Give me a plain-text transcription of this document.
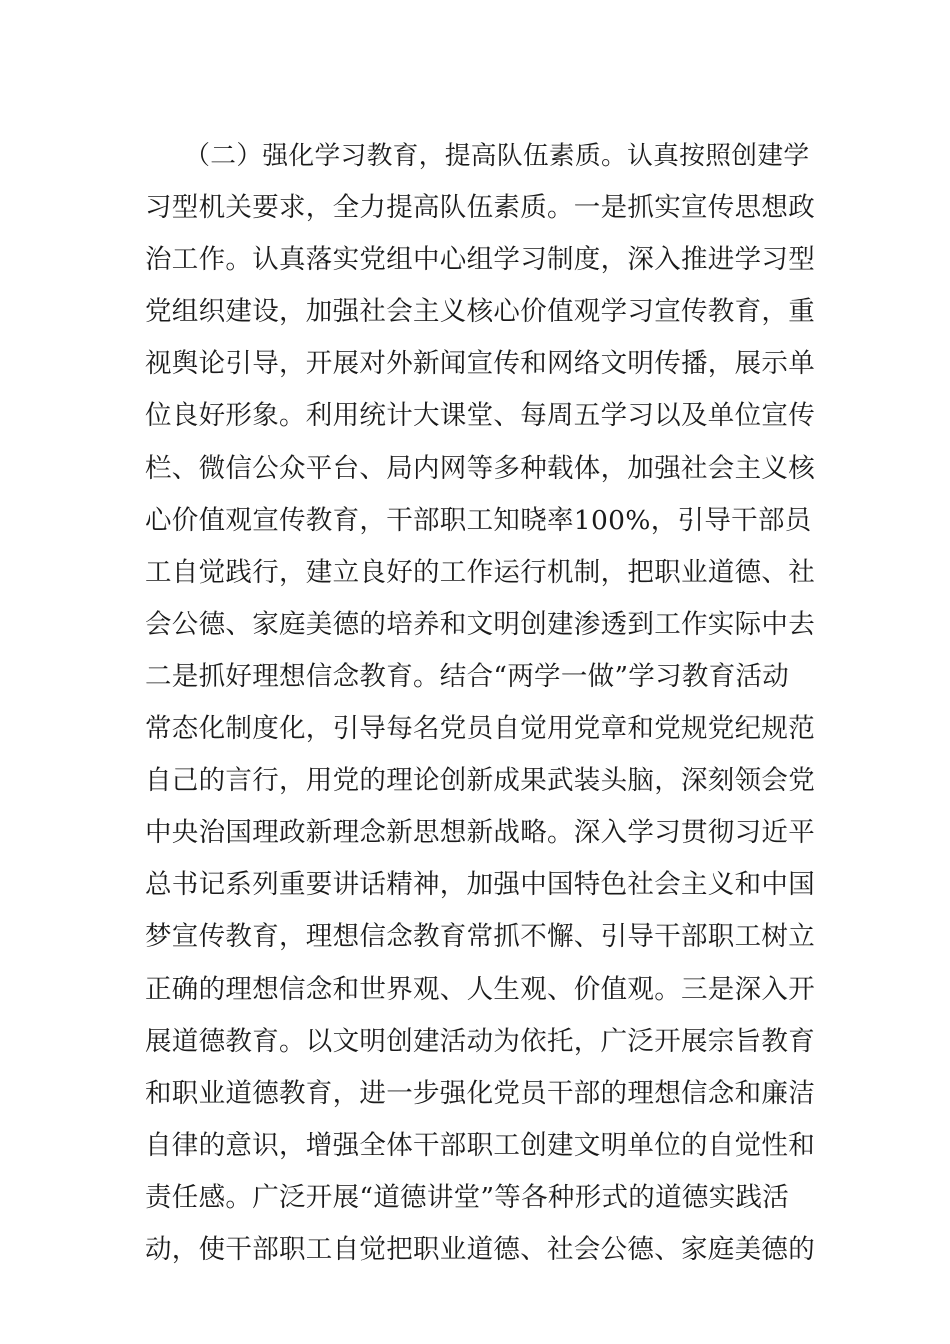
　　（二）强化学习教育，提高队伍素质。认真按照创建学
习型机关要求，全力提高队伍素质。一是抓实宣传思想政
治工作。认真落实党组中心组学习制度，深入推进学习型
党组织建设，加强社会主义核心价值观学习宣传教育，重
视舆论引导，开展对外新闻宣传和网络文明传播，展示单
位良好形象。利用统计大课堂、每周五学习以及单位宣传
栏、微信公众平台、局内网等多种载体，加强社会主义核
心价值观宣传教育，干部职工知晓率100%，引导干部员
工自觉践行，建立良好的工作运行机制，把职业道德、社
会公德、家庭美德的培养和文明创建渗透到工作实际中去
二是抓好理想信念教育。结合“两学一做”学习教育活动
常态化制度化，引导每名党员自觉用党章和党规党纪规范
自己的言行，用党的理论创新成果武装头脑，深刻领会党
中央治国理政新理念新思想新战略。深入学习贯彻习近平
总书记系列重要讲话精神，加强中国特色社会主义和中国
梦宣传教育，理想信念教育常抓不懈、引导干部职工树立
正确的理想信念和世界观、人生观、价值观。三是深入开
展道德教育。以文明创建活动为依托，广泛开展宗旨教育
和职业道德教育，进一步强化党员干部的理想信念和廉洁
自律的意识，增强全体干部职工创建文明单位的自觉性和
责任感。广泛开展“道德讲堂”等各种形式的道德实践活
动，使干部职工自觉把职业道德、社会公德、家庭美德的
